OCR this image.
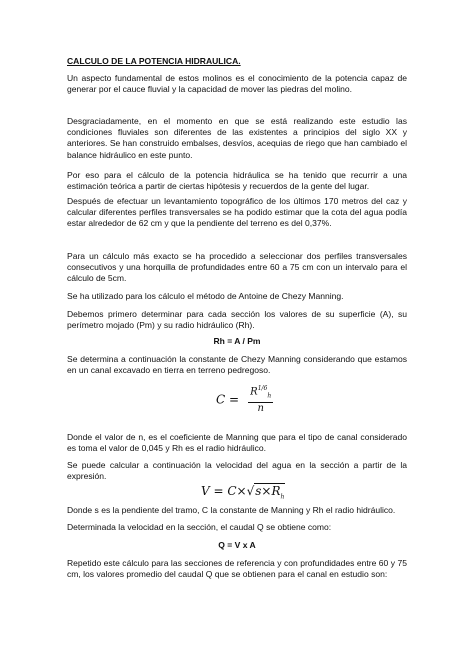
CALCULO DE LA POTENCIA HIDRAULICA.

Un aspecto fundamental de estos molinos es el conocimiento de la potencia capaz de generar por el cauce fluvial y la capacidad de mover las piedras del molino.

Desgraciadamente, en el momento en que se está realizando este estudio las condiciones fluviales son diferentes de las existentes a principios del siglo XX y anteriores. Se han construido embalses, desvíos, acequias de riego que han cambiado el balance hidráulico en este punto.

Por eso para el cálculo de la potencia hidráulica se ha tenido que recurrir a una estimación teórica a partir de ciertas hipótesis y recuerdos de la gente del lugar.

Después de efectuar un levantamiento topográfico de los últimos 170 metros del caz y calcular diferentes perfiles transversales se ha podido estimar que la cota del agua podía estar alrededor de 62 cm y que la pendiente del terreno es del 0,37%.

Para un cálculo más exacto se ha procedido a seleccionar dos perfiles transversales consecutivos y una horquilla de profundidades entre 60 a 75 cm con un intervalo para el cálculo de 5cm.

Se ha utilizado para los cálculo el método de Antoine de Chezy Manning.

Debemos primero determinar para cada sección los valores de su superficie (A), su perímetro mojado (Pm) y su radio hidráulico (Rh).

Rh = A / Pm

Se determina a continuación la constante de Chezy Manning considerando que estamos en un canal excavado en tierra en terreno pedregoso.

$C = \frac{R^{1/6}_h}{n}$

Donde el valor de n, es el coeficiente de Manning que para el tipo de canal considerado es toma el valor de 0,045 y Rh es el radio hidráulico.

Se puede calcular a continuación la velocidad del agua en la sección a partir de la expresión.

$V = C\times√s\times R_h$

Donde s es la pendiente del tramo, C la constante de Manning y Rh el radio hidráulico.

Determinada la velocidad en la sección, el caudal Q se obtiene como:

Q = V x A

Repetido este cálculo para las secciones de referencia y con profundidades entre 60 y 75 cm, los valores promedio del caudal Q que se obtienen para el canal en estudio son:
